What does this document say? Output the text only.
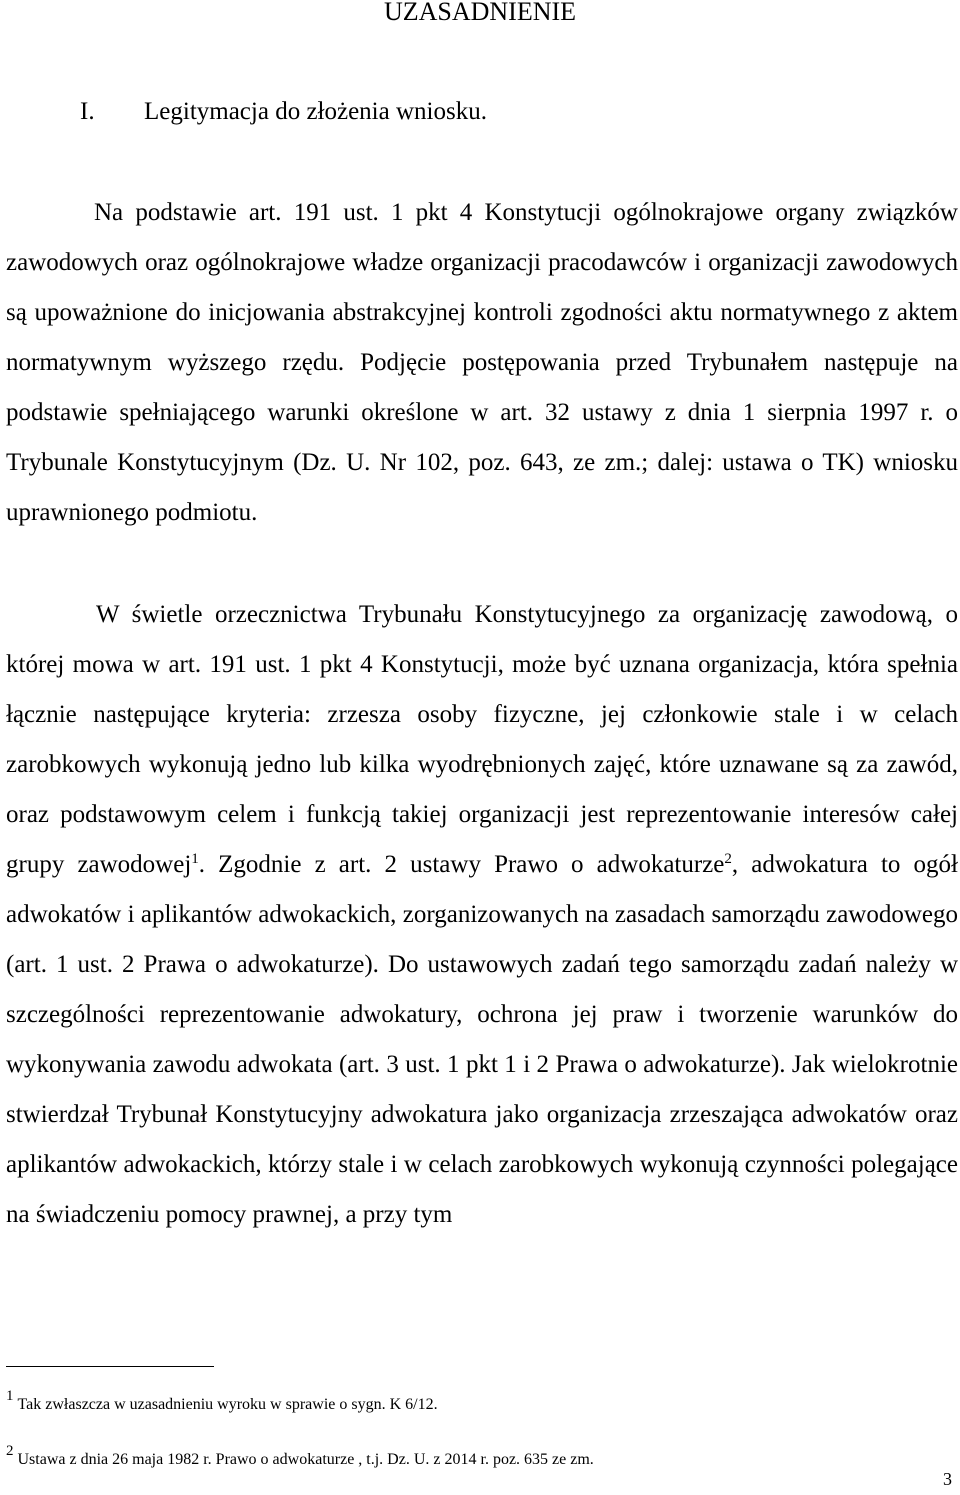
UZASADNIENIE
I. Legitymacja do złożenia wniosku.
Na podstawie art. 191 ust. 1 pkt 4 Konstytucji ogólnokrajowe organy związków zawodowych oraz ogólnokrajowe władze organizacji pracodawców i organizacji zawodowych są upoważnione do inicjowania abstrakcyjnej kontroli zgodności aktu normatywnego z aktem normatywnym wyższego rzędu. Podjęcie postępowania przed Trybunałem następuje na podstawie spełniającego warunki określone w art. 32 ustawy z dnia 1 sierpnia 1997 r. o Trybunale Konstytucyjnym (Dz. U. Nr 102, poz. 643, ze zm.; dalej: ustawa o TK) wniosku uprawnionego podmiotu.
W świetle orzecznictwa Trybunału Konstytucyjnego za organizację zawodową, o której mowa w art. 191 ust. 1 pkt 4 Konstytucji, może być uznana organizacja, która spełnia łącznie następujące kryteria: zrzesza osoby fizyczne, jej członkowie stale i w celach zarobkowych wykonują jedno lub kilka wyodrębnionych zajęć, które uznawane są za zawód, oraz podstawowym celem i funkcją takiej organizacji jest reprezentowanie interesów całej grupy zawodowej$^1$. Zgodnie z art. 2 ustawy Prawo o adwokaturze$^2$, adwokatura to ogół adwokatów i aplikantów adwokackich, zorganizowanych na zasadach samorządu zawodowego (art. 1 ust. 2 Prawa o adwokaturze). Do ustawowych zadań tego samorządu zadań należy w szczególności reprezentowanie adwokatury, ochrona jej praw i tworzenie warunków do wykonywania zawodu adwokata (art. 3 ust. 1 pkt 1 i 2 Prawa o adwokaturze). Jak wielokrotnie stwierdzał Trybunał Konstytucyjny adwokatura jako organizacja zrzeszająca adwokatów oraz aplikantów adwokackich, którzy stale i w celach zarobkowych wykonują czynności polegające na świadczeniu pomocy prawnej, a przy tym
1 Tak zwłaszcza w uzasadnieniu wyroku w sprawie o sygn. K 6/12.
2 Ustawa z dnia 26 maja 1982 r. Prawo o adwokaturze , t.j. Dz. U. z 2014 r. poz. 635 ze zm.
3
